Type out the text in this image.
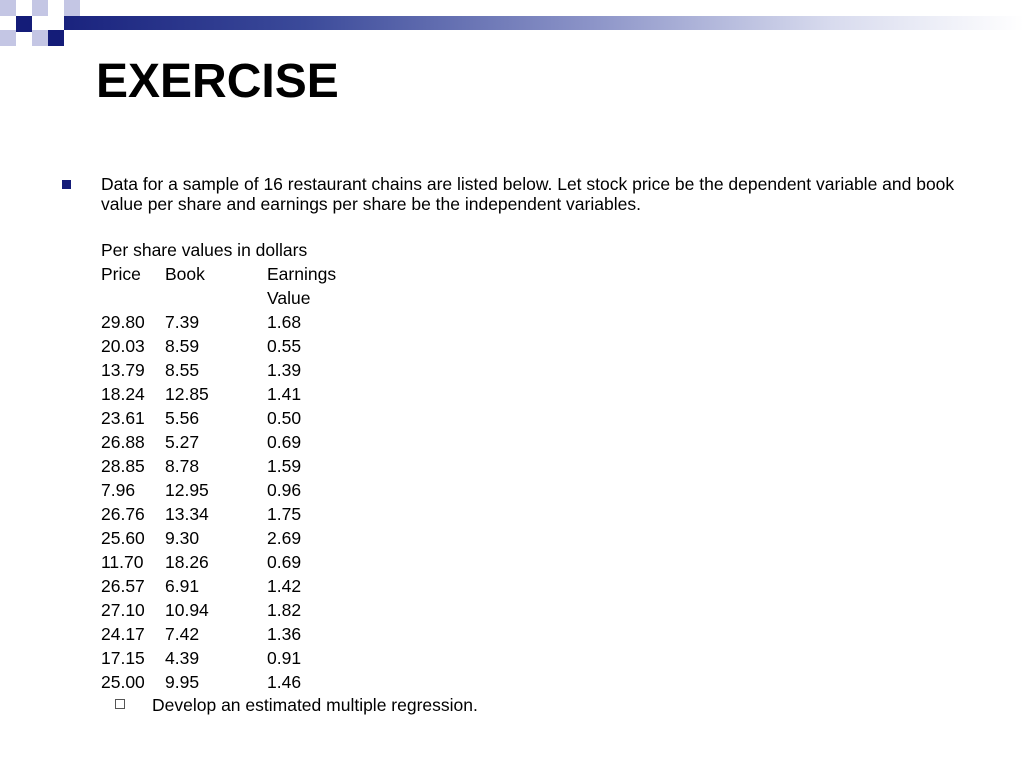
EXERCISE
Data for a sample of 16 restaurant chains are listed below. Let stock price be the dependent variable and book value per share and earnings per share be the independent variables.
Per share values in dollars
Price Book	Earnings
Value
29.80 7.39	1.68
20.03 8.59	0.55
13.79 8.55	1.39
18.24 12.85	1.41
23.61 5.56	0.50
26.88 5.27	0.69
28.85 8.78	1.59
7.96 12.95	0.96
26.76 13.34	1.75
25.60 9.30	2.69
11.70 18.26	0.69
26.57 6.91	1.42
27.10 10.94	1.82
24.17 7.42	1.36
17.15 4.39	0.91
25.00 9.95	1.46
Develop an estimated multiple regression.
